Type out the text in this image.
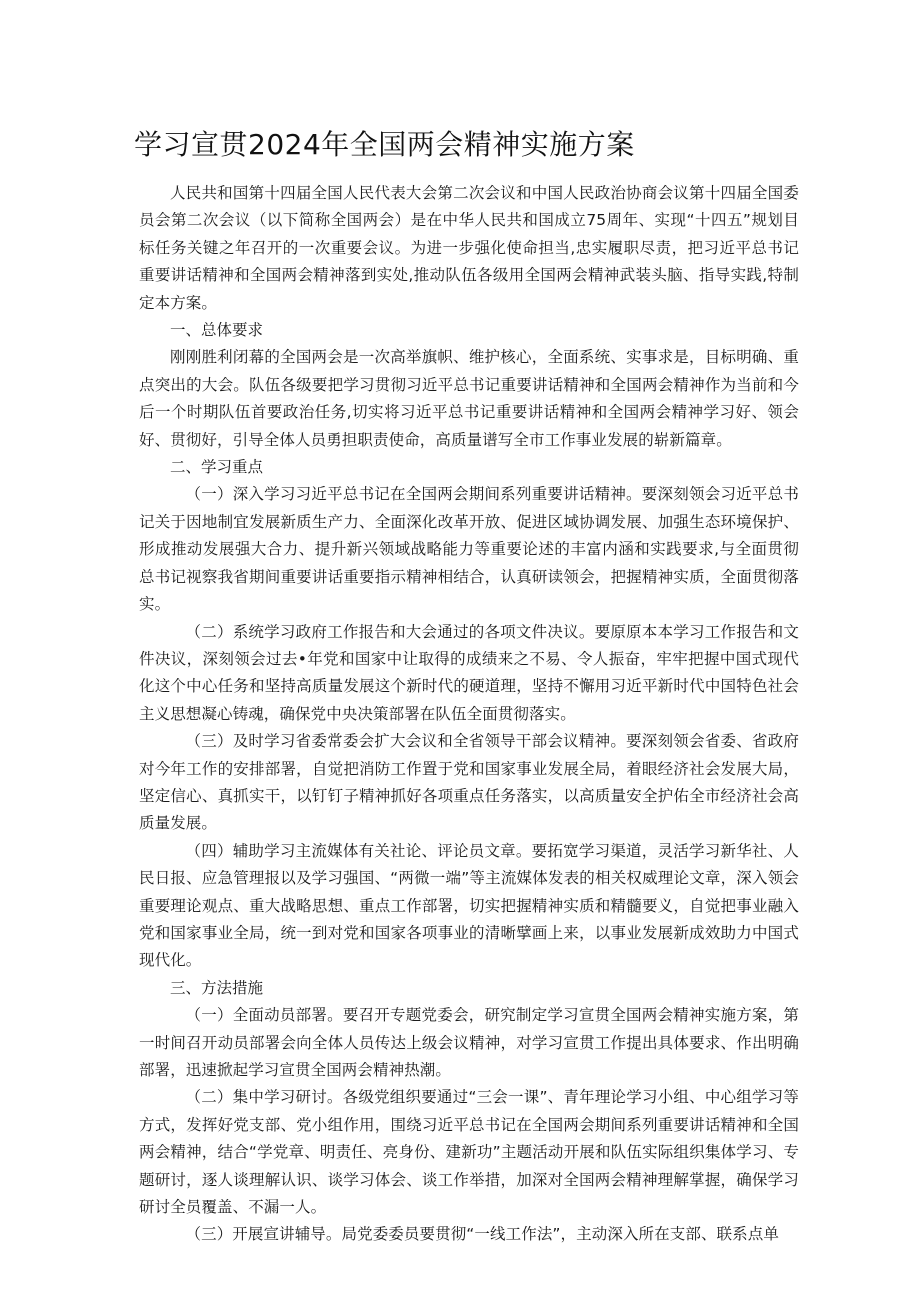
学习宣贯2024年全国两会精神实施方案

人民共和国第十四届全国人民代表大会第二次会议和中国人民政治协商会议第十四届全国委员会第二次会议（以下简称全国两会）是在中华人民共和国成立75周年、实现“十四五”规划目标任务关键之年召开的一次重要会议。为进一步强化使命担当,忠实履职尽责，把习近平总书记重要讲话精神和全国两会精神落到实处,推动队伍各级用全国两会精神武装头脑、指导实践,特制定本方案。

一、总体要求

刚刚胜利闭幕的全国两会是一次高举旗帜、维护核心，全面系统、实事求是，目标明确、重点突出的大会。队伍各级要把学习贯彻习近平总书记重要讲话精神和全国两会精神作为当前和今后一个时期队伍首要政治任务,切实将习近平总书记重要讲话精神和全国两会精神学习好、领会好、贯彻好，引导全体人员勇担职责使命，高质量谱写全市工作事业发展的崭新篇章。

二、学习重点

（一）深入学习习近平总书记在全国两会期间系列重要讲话精神。要深刻领会习近平总书记关于因地制宜发展新质生产力、全面深化改革开放、促进区域协调发展、加强生态环境保护、形成推动发展强大合力、提升新兴领域战略能力等重要论述的丰富内涵和实践要求,与全面贯彻总书记视察我省期间重要讲话重要指示精神相结合，认真研读领会，把握精神实质，全面贯彻落实。

（二）系统学习政府工作报告和大会通过的各项文件决议。要原原本本学习工作报告和文件决议，深刻领会过去•年党和国家中让取得的成绩来之不易、令人振奋，牢牢把握中国式现代化这个中心任务和坚持高质量发展这个新时代的硬道理，坚持不懈用习近平新时代中国特色社会主义思想凝心铸魂，确保党中央决策部署在队伍全面贯彻落实。

（三）及时学习省委常委会扩大会议和全省领导干部会议精神。要深刻领会省委、省政府对今年工作的安排部署，自觉把消防工作置于党和国家事业发展全局，着眼经济社会发展大局，坚定信心、真抓实干，以钉钉子精神抓好各项重点任务落实，以高质量安全护佑全市经济社会高质量发展。

（四）辅助学习主流媒体有关社论、评论员文章。要拓宽学习渠道，灵活学习新华社、人民日报、应急管理报以及学习强国、“两微一端”等主流媒体发表的相关权威理论文章，深入领会重要理论观点、重大战略思想、重点工作部署，切实把握精神实质和精髓要义，自觉把事业融入党和国家事业全局，统一到对党和国家各项事业的清晰擘画上来，以事业发展新成效助力中国式现代化。

三、方法措施

（一）全面动员部署。要召开专题党委会，研究制定学习宣贯全国两会精神实施方案，第一时间召开动员部署会向全体人员传达上级会议精神，对学习宣贯工作提出具体要求、作出明确部署，迅速掀起学习宣贯全国两会精神热潮。

（二）集中学习研讨。各级党组织要通过“三会一课”、青年理论学习小组、中心组学习等方式，发挥好党支部、党小组作用，围绕习近平总书记在全国两会期间系列重要讲话精神和全国两会精神，结合“学党章、明责任、亮身份、建新功”主题活动开展和队伍实际组织集体学习、专题研讨，逐人谈理解认识、谈学习体会、谈工作举措，加深对全国两会精神理解掌握，确保学习研讨全员覆盖、不漏一人。

（三）开展宣讲辅导。局党委委员要贯彻“一线工作法”，主动深入所在支部、联系点单
